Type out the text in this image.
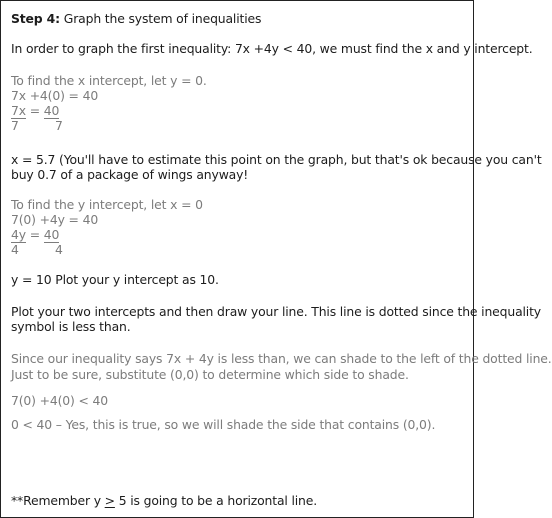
Step 4: Graph the system of inequalities

In order to graph the first inequality: 7x +4y < 40, we must find the x and y intercept.

To find the x intercept, let y = 0.

7x +4(0) = 40

7x = 40

7	7

x = 5.7 (You'll have to estimate this point on the graph, but that's ok because you can't

buy 0.7 of a package of wings anyway!

To find the y intercept, let x = 0

7(0) +4y = 40

4y = 40

4	4

y = 10 Plot your y intercept as 10.

Plot your two intercepts and then draw your line. This line is dotted since the inequality

symbol is less than.

Since our inequality says 7x + 4y is less than, we can shade to the left of the dotted line.

Just to be sure, substitute (0,0) to determine which side to shade.

7(0) +4(0) < 40

0 < 40 – Yes, this is true, so we will shade the side that contains (0,0).

**Remember y > 5 is going to be a horizontal line.
